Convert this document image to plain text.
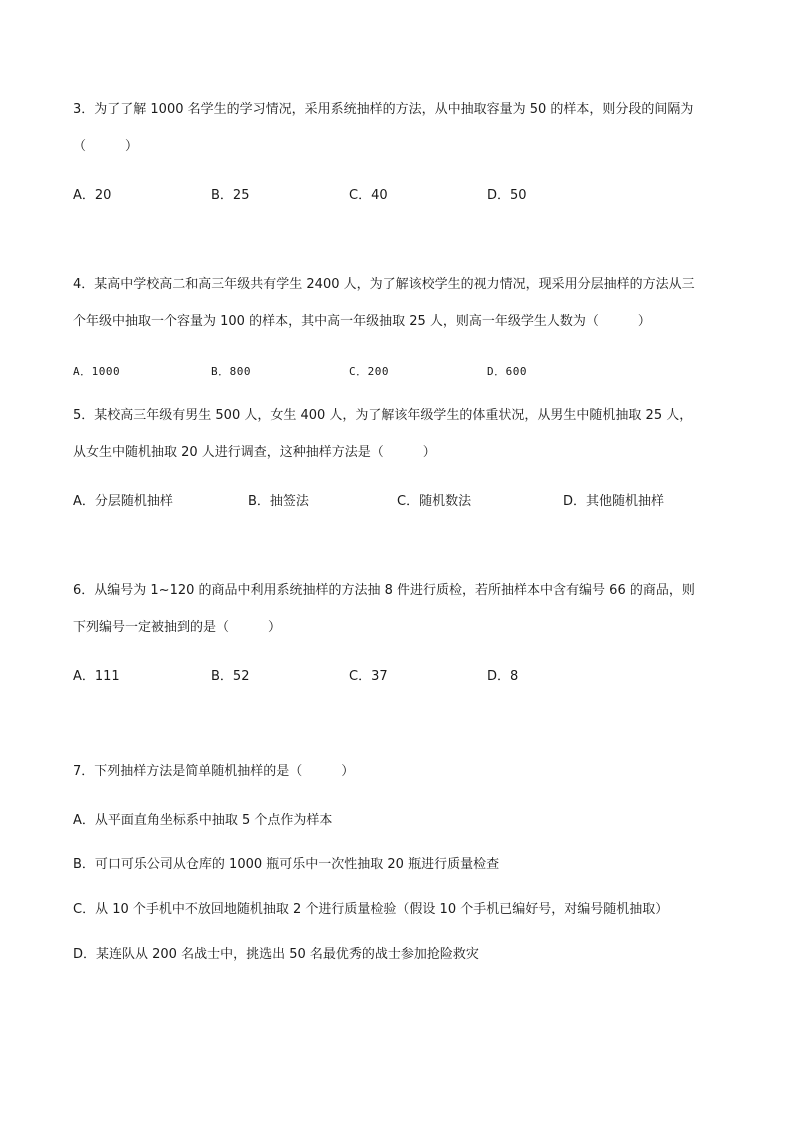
3．为了了解 1000 名学生的学习情况，采用系统抽样的方法，从中抽取容量为 50 的样本，则分段的间隔为
（　　　）
A．20	B．25	C．40	D．50
4．某高中学校高二和高三年级共有学生 2400 人，为了解该校学生的视力情况，现采用分层抽样的方法从三
个年级中抽取一个容量为 100 的样本，其中高一年级抽取 25 人，则高一年级学生人数为（　　　）
A．1000	B．800	C．200	D．600
5．某校高三年级有男生 500 人，女生 400 人，为了解该年级学生的体重状况，从男生中随机抽取 25 人，
从女生中随机抽取 20 人进行调查，这种抽样方法是（　　　）
A．分层随机抽样	B．抽签法	C．随机数法	D．其他随机抽样
6．从编号为 1~120 的商品中利用系统抽样的方法抽 8 件进行质检，若所抽样本中含有编号 66 的商品，则
下列编号一定被抽到的是（　　　）
A．111	B．52	C．37	D．8
7．下列抽样方法是简单随机抽样的是（　　　）
A．从平面直角坐标系中抽取 5 个点作为样本
B．可口可乐公司从仓库的 1000 瓶可乐中一次性抽取 20 瓶进行质量检查
C．从 10 个手机中不放回地随机抽取 2 个进行质量检验（假设 10 个手机已编好号，对编号随机抽取）
D．某连队从 200 名战士中，挑选出 50 名最优秀的战士参加抢险救灾
